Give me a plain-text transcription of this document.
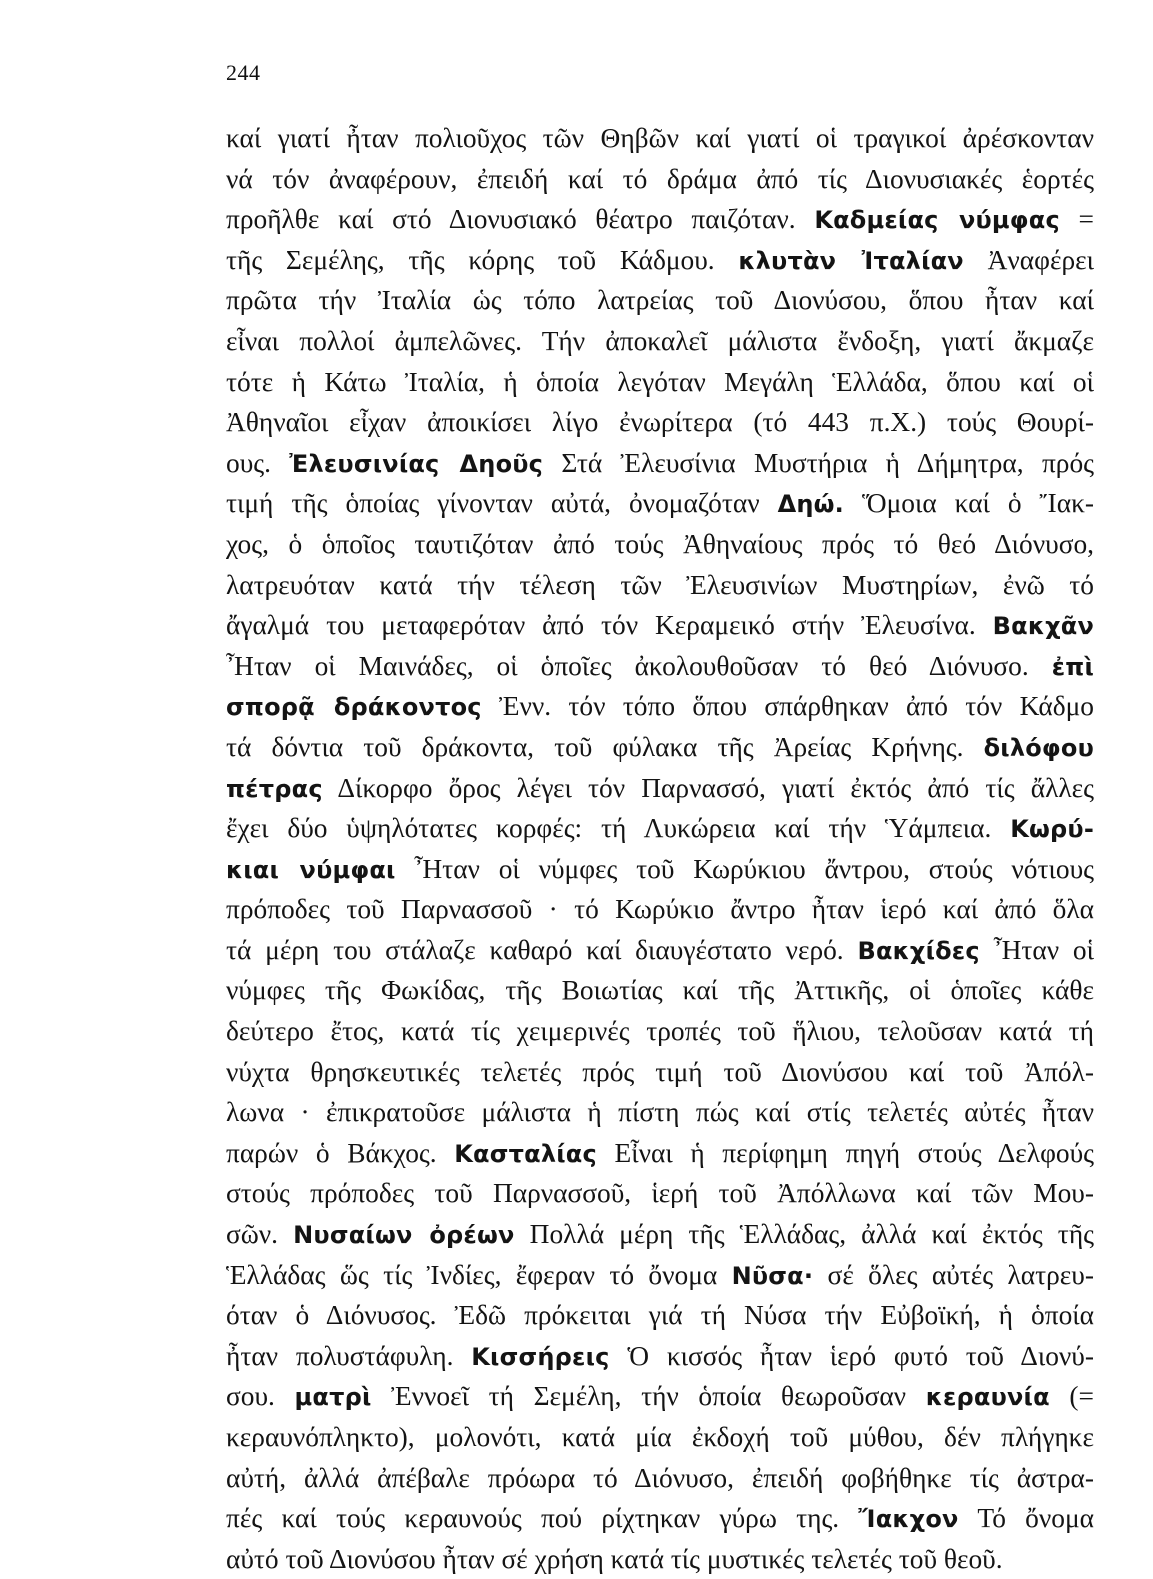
244
καί γιατί ἦταν πολιοῦχος τῶν Θηβῶν καί γιατί οἱ τραγικοί ἀρέσκονταν
νά τόν ἀναφέρουν, ἐπειδή καί τό δράμα ἀπό τίς Διονυσιακές ἑορτές
προῆλθε καί στό Διονυσιακό θέατρο παιζόταν. Καδμείας νύμφας =
τῆς Σεμέλης, τῆς κόρης τοῦ Κάδμου. κλυτὰν Ἰταλίαν Ἀναφέρει
πρῶτα τήν Ἰταλία ὡς τόπο λατρείας τοῦ Διονύσου, ὅπου ἦταν καί
εἶναι πολλοί ἀμπελῶνες. Τήν ἀποκαλεῖ μάλιστα ἔνδοξη, γιατί ἄκμαζε
τότε ἡ Κάτω Ἰταλία, ἡ ὁποία λεγόταν Μεγάλη Ἑλλάδα, ὅπου καί οἱ
Ἀθηναῖοι εἶχαν ἀποικίσει λίγο ἐνωρίτερα (τό 443 π.Χ.) τούς Θουρί-
ους. Ἐλευσινίας Δηοῦς Στά Ἐλευσίνια Μυστήρια ἡ Δήμητρα, πρός
τιμή τῆς ὁποίας γίνονταν αὐτά, ὀνομαζόταν Δηώ. Ὅμοια καί ὁ Ἴακ-
χος, ὁ ὁποῖος ταυτιζόταν ἀπό τούς Ἀθηναίους πρός τό θεό Διόνυσο,
λατρευόταν κατά τήν τέλεση τῶν Ἐλευσινίων Μυστηρίων, ἐνῶ τό
ἄγαλμά του μεταφερόταν ἀπό τόν Κεραμεικό στήν Ἐλευσίνα. Βακχᾶν
Ἦταν οἱ Μαινάδες, οἱ ὁποῖες ἀκολουθοῦσαν τό θεό Διόνυσο. ἐπὶ
σπορᾷ δράκοντος Ἐνν. τόν τόπο ὅπου σπάρθηκαν ἀπό τόν Κάδμο
τά δόντια τοῦ δράκοντα, τοῦ φύλακα τῆς Ἀρείας Κρήνης. διλόφου
πέτρας Δίκορφο ὄρος λέγει τόν Παρνασσό, γιατί ἐκτός ἀπό τίς ἄλλες
ἔχει δύο ὑψηλότατες κορφές: τή Λυκώρεια καί τήν Ὑάμπεια. Κωρύ-
κιαι νύμφαι Ἦταν οἱ νύμφες τοῦ Κωρύκιου ἄντρου, στούς νότιους
πρόποδες τοῦ Παρνασσοῦ · τό Κωρύκιο ἄντρο ἦταν ἱερό καί ἀπό ὅλα
τά μέρη του στάλαζε καθαρό καί διαυγέστατο νερό. Βακχίδες Ἦταν οἱ
νύμφες τῆς Φωκίδας, τῆς Βοιωτίας καί τῆς Ἀττικῆς, οἱ ὁποῖες κάθε
δεύτερο ἔτος, κατά τίς χειμερινές τροπές τοῦ ἥλιου, τελοῦσαν κατά τή
νύχτα θρησκευτικές τελετές πρός τιμή τοῦ Διονύσου καί τοῦ Ἀπόλ-
λωνα · ἐπικρατοῦσε μάλιστα ἡ πίστη πώς καί στίς τελετές αὐτές ἦταν
παρών ὁ Βάκχος. Κασταλίας Εἶναι ἡ περίφημη πηγή στούς Δελφούς
στούς πρόποδες τοῦ Παρνασσοῦ, ἱερή τοῦ Ἀπόλλωνα καί τῶν Μου-
σῶν. Νυσαίων ὀρέων Πολλά μέρη τῆς Ἑλλάδας, ἀλλά καί ἐκτός τῆς
Ἑλλάδας ὥς τίς Ἰνδίες, ἔφεραν τό ὄνομα Νῦσα· σέ ὅλες αὐτές λατρευ-
όταν ὁ Διόνυσος. Ἐδῶ πρόκειται γιά τή Νύσα τήν Εὐβοϊκή, ἡ ὁποία
ἦταν πολυστάφυλη. Κισσήρεις Ὁ κισσός ἦταν ἱερό φυτό τοῦ Διονύ-
σου. ματρὶ Ἐννοεῖ τή Σεμέλη, τήν ὁποία θεωροῦσαν κεραυνία (=
κεραυνόπληκτο), μολονότι, κατά μία ἐκδοχή τοῦ μύθου, δέν πλήγηκε
αὐτή, ἀλλά ἀπέβαλε πρόωρα τό Διόνυσο, ἐπειδή φοβήθηκε τίς ἀστρα-
πές καί τούς κεραυνούς πού ρίχτηκαν γύρω της. Ἴακχον Τό ὄνομα
αὐτό τοῦ Διονύσου ἦταν σέ χρήση κατά τίς μυστικές τελετές τοῦ θεοῦ.
